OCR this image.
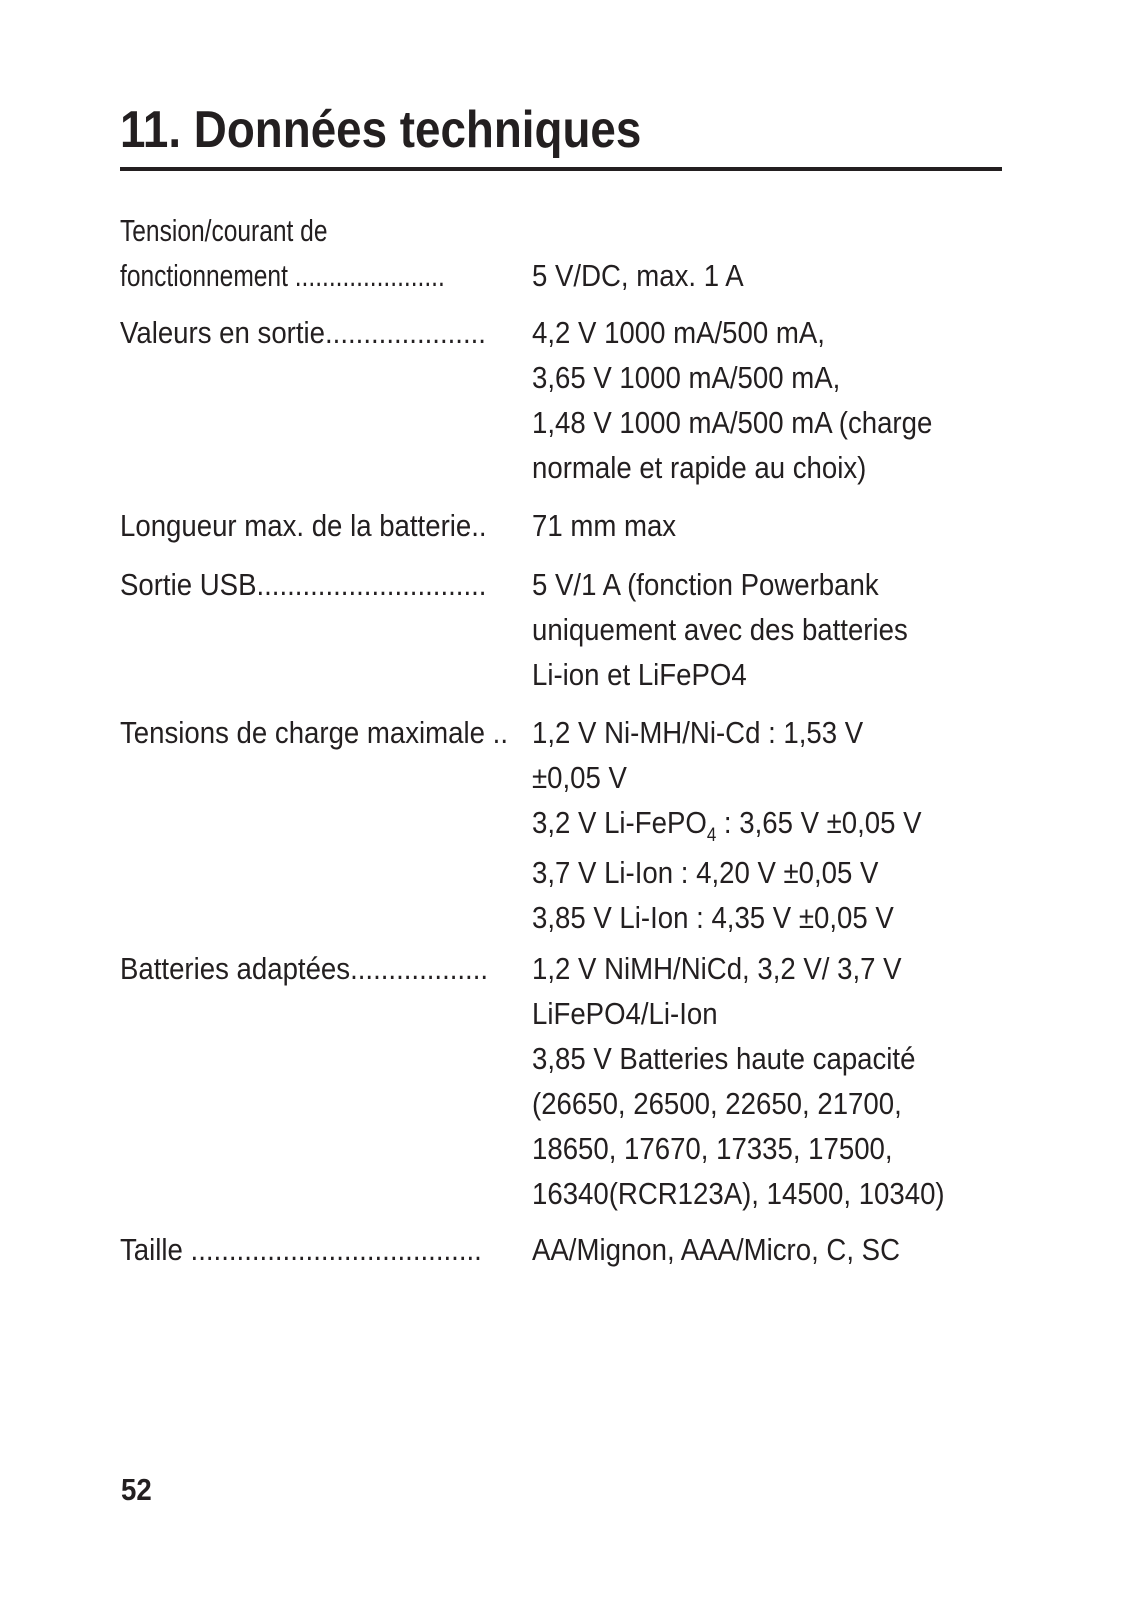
11. Données techniques
Tension/courant de
fonctionnement ......................	5 V/DC, max. 1 A
Valeurs en sortie.....................	4,2 V 1000 mA/500 mA,
3,65 V 1000 mA/500 mA,
1,48 V 1000 mA/500 mA (charge
normale et rapide au choix)
Longueur max. de la batterie..	71 mm max
Sortie USB..............................	5 V/1 A (fonction Powerbank
uniquement avec des batteries
Li-ion et LiFePO4
Tensions de charge maximale .. 1,2 V Ni-MH/Ni-Cd : 1,53 V
±0,05 V
3,2 V Li-FePO$_4$ : 3,65 V ±0,05 V
3,7 V Li-Ion : 4,20 V ±0,05 V
3,85 V Li-Ion : 4,35 V ±0,05 V
Batteries adaptées..................	1,2 V NiMH/NiCd, 3,2 V/ 3,7 V
LiFePO4/Li-Ion
3,85 V Batteries haute capacité
(26650, 26500, 22650, 21700,
18650, 17670, 17335, 17500,
16340(RCR123A), 14500, 10340)
Taille ......................................	AA/Mignon, AAA/Micro, C, SC
52
